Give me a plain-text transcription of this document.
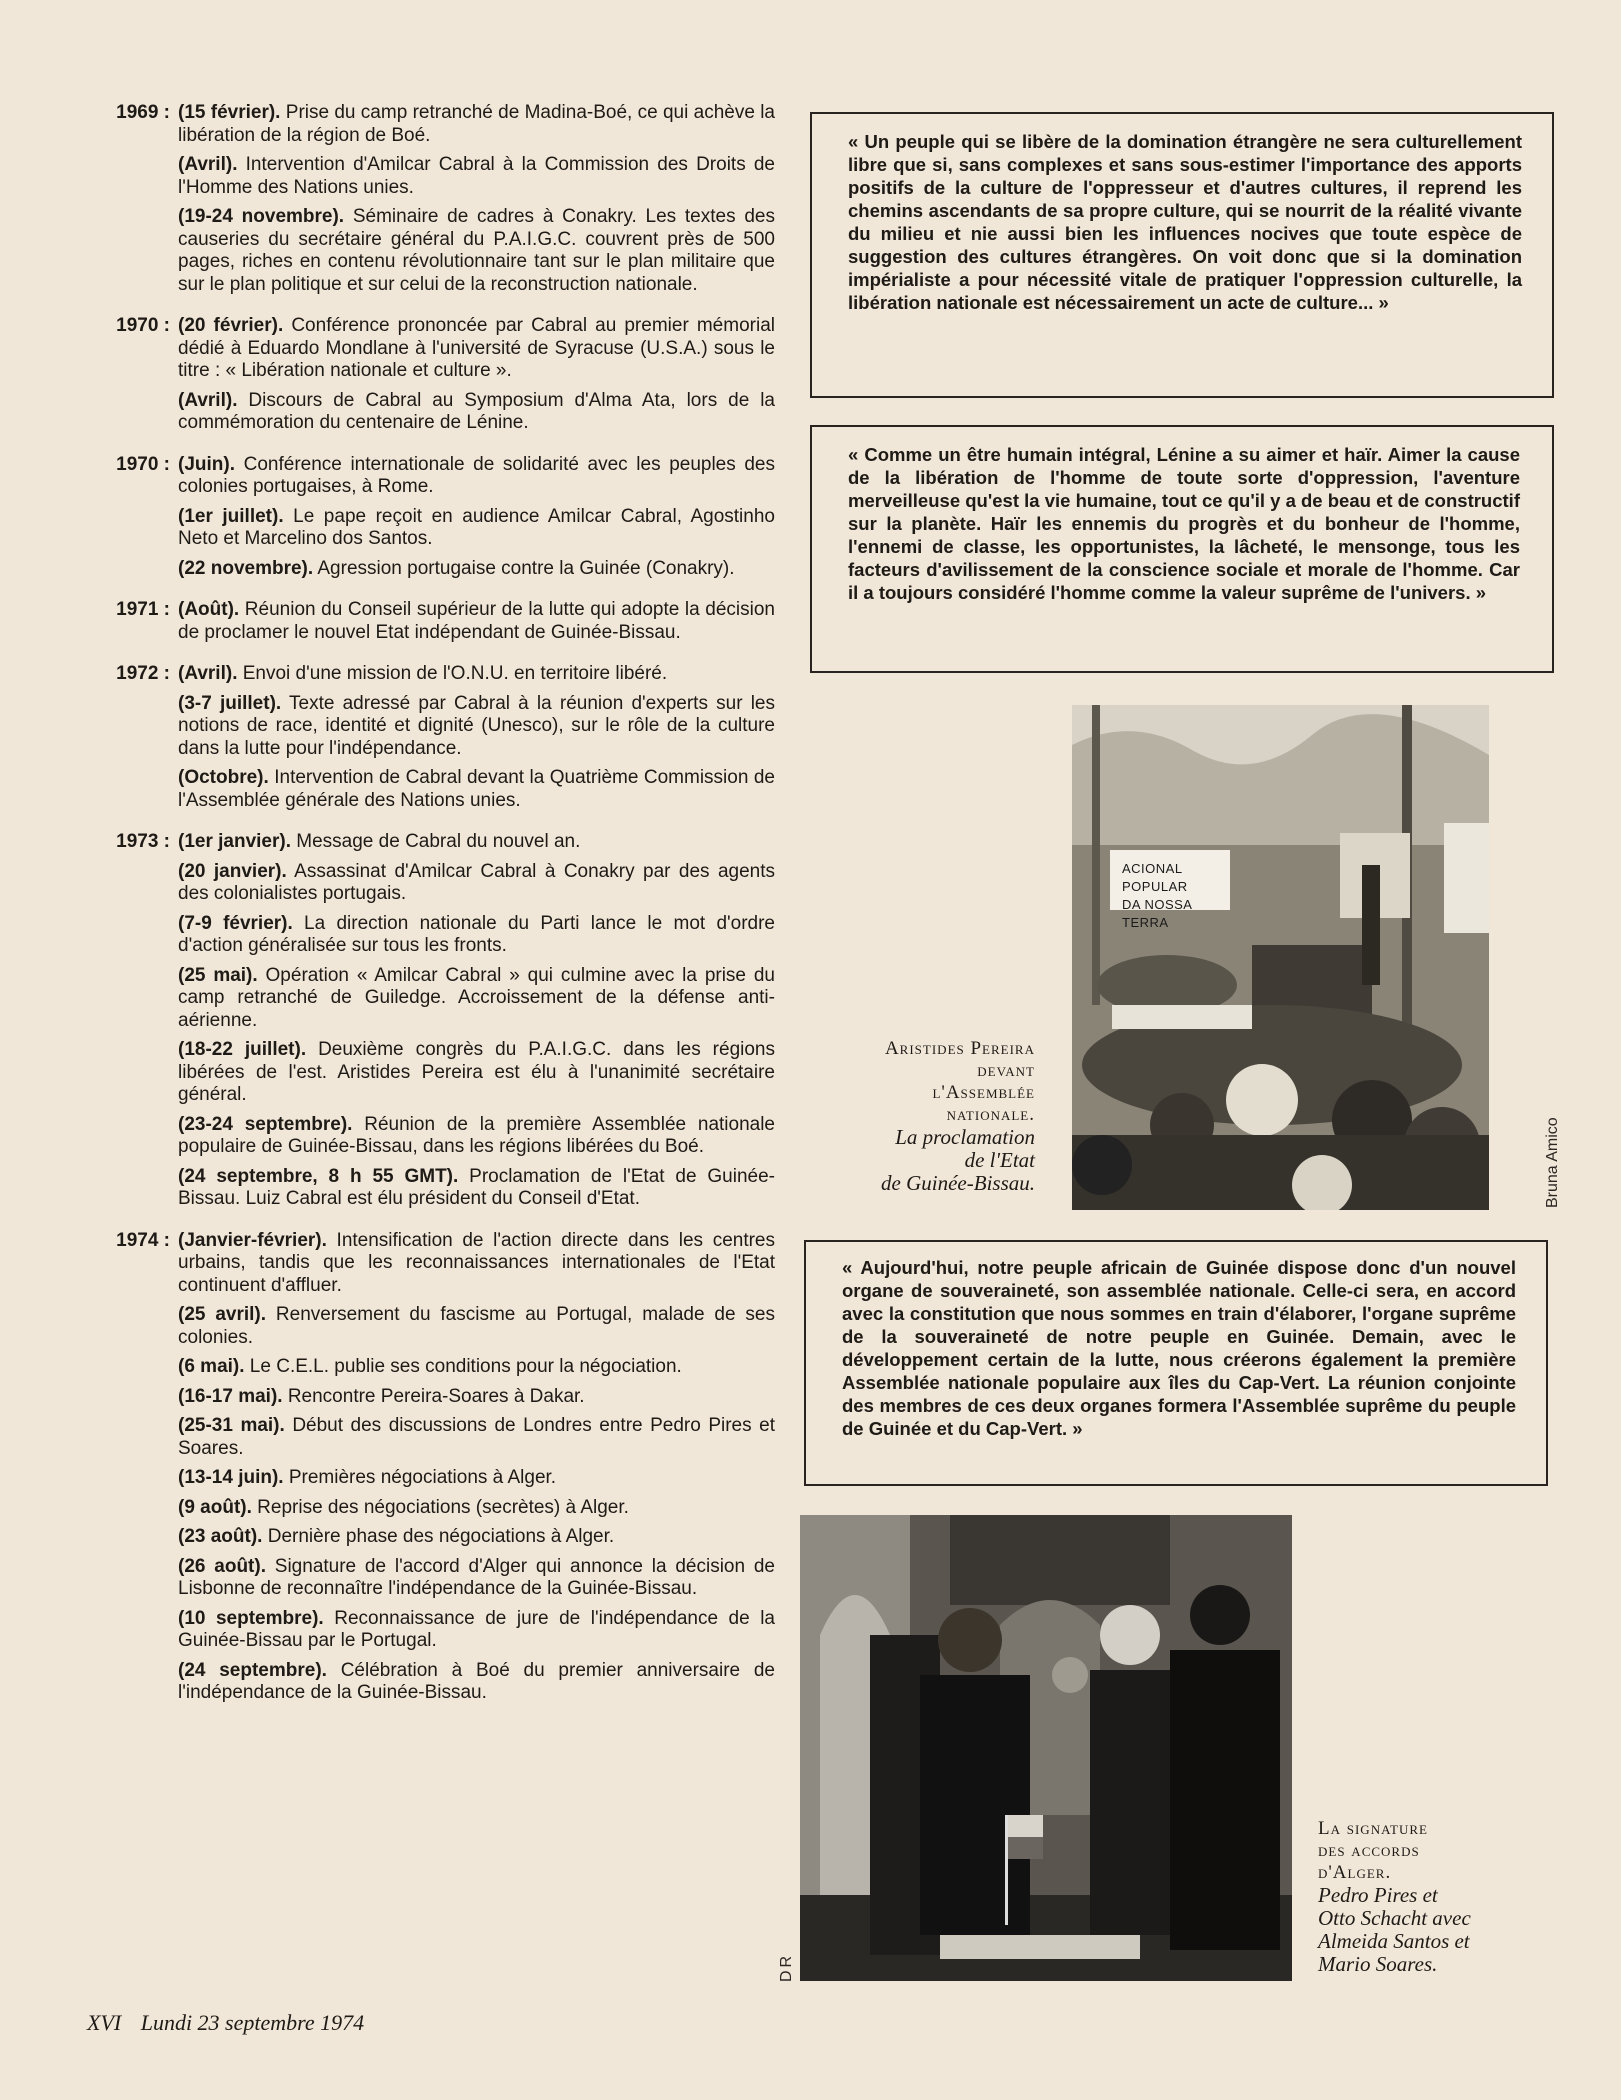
1969 : (15 février). Prise du camp retranché de Madina-Boé, ce qui achève la libération de la région de Boé.

(Avril). Intervention d'Amilcar Cabral à la Commission des Droits de l'Homme des Nations unies.

(19-24 novembre). Séminaire de cadres à Conakry. Les textes des causeries du secrétaire général du P.A.I.G.C. couvrent près de 500 pages, riches en contenu révolutionnaire tant sur le plan militaire que sur le plan politique et sur celui de la reconstruction nationale.

1970 : (20 février). Conférence prononcée par Cabral au premier mémorial dédié à Eduardo Mondlane à l'université de Syracuse (U.S.A.) sous le titre : « Libération nationale et culture ».

(Avril). Discours de Cabral au Symposium d'Alma Ata, lors de la commémoration du centenaire de Lénine.

1970 : (Juin). Conférence internationale de solidarité avec les peuples des colonies portugaises, à Rome.

(1er juillet). Le pape reçoit en audience Amilcar Cabral, Agostinho Neto et Marcelino dos Santos.

(22 novembre). Agression portugaise contre la Guinée (Conakry).

1971 : (Août). Réunion du Conseil supérieur de la lutte qui adopte la décision de proclamer le nouvel Etat indépendant de Guinée-Bissau.

1972 : (Avril). Envoi d'une mission de l'O.N.U. en territoire libéré.

(3-7 juillet). Texte adressé par Cabral à la réunion d'experts sur les notions de race, identité et dignité (Unesco), sur le rôle de la culture dans la lutte pour l'indépendance.

(Octobre). Intervention de Cabral devant la Quatrième Commission de l'Assemblée générale des Nations unies.

1973 : (1er janvier). Message de Cabral du nouvel an.

(20 janvier). Assassinat d'Amilcar Cabral à Conakry par des agents des colonialistes portugais.

(7-9 février). La direction nationale du Parti lance le mot d'ordre d'action généralisée sur tous les fronts.

(25 mai). Opération « Amilcar Cabral » qui culmine avec la prise du camp retranché de Guiledge. Accroissement de la défense anti-aérienne.

(18-22 juillet). Deuxième congrès du P.A.I.G.C. dans les régions libérées de l'est. Aristides Pereira est élu à l'unanimité secrétaire général.

(23-24 septembre). Réunion de la première Assemblée nationale populaire de Guinée-Bissau, dans les régions libérées du Boé.

(24 septembre, 8 h 55 GMT). Proclamation de l'Etat de Guinée-Bissau. Luiz Cabral est élu président du Conseil d'Etat.

1974 : (Janvier-février). Intensification de l'action directe dans les centres urbains, tandis que les reconnaissances internationales de l'Etat continuent d'affluer.

(25 avril). Renversement du fascisme au Portugal, malade de ses colonies.

(6 mai). Le C.E.L. publie ses conditions pour la négociation.

(16-17 mai). Rencontre Pereira-Soares à Dakar.

(25-31 mai). Début des discussions de Londres entre Pedro Pires et Soares.

(13-14 juin). Premières négociations à Alger.

(9 août). Reprise des négociations (secrètes) à Alger.

(23 août). Dernière phase des négociations à Alger.

(26 août). Signature de l'accord d'Alger qui annonce la décision de Lisbonne de reconnaître l'indépendance de la Guinée-Bissau.

(10 septembre). Reconnaissance de jure de l'indépendance de la Guinée-Bissau par le Portugal.

(24 septembre). Célébration à Boé du premier anniversaire de l'indépendance de la Guinée-Bissau.

« Un peuple qui se libère de la domination étrangère ne sera culturellement libre que si, sans complexes et sans sous-estimer l'importance des apports positifs de la culture de l'oppresseur et d'autres cultures, il reprend les chemins ascendants de sa propre culture, qui se nourrit de la réalité vivante du milieu et nie aussi bien les influences nocives que toute espèce de suggestion des cultures étrangères. On voit donc que si la domination impérialiste a pour nécessité vitale de pratiquer l'oppression culturelle, la libération nationale est nécessairement un acte de culture... »

« Comme un être humain intégral, Lénine a su aimer et haïr. Aimer la cause de la libération de l'homme de toute sorte d'oppression, l'aventure merveilleuse qu'est la vie humaine, tout ce qu'il y a de beau et de constructif sur la planète. Haïr les ennemis du progrès et du bonheur de l'homme, l'ennemi de classe, les opportunistes, la lâcheté, le mensonge, tous les facteurs d'avilissement de la conscience sociale et morale de l'homme. Car il a toujours considéré l'homme comme la valeur suprême de l'univers. »

« Aujourd'hui, notre peuple africain de Guinée dispose donc d'un nouvel organe de souveraineté, son assemblée nationale. Celle-ci sera, en accord avec la constitution que nous sommes en train d'élaborer, l'organe suprême de la souveraineté de notre peuple en Guinée. Demain, avec le développement certain de la lutte, nous créerons également la première Assemblée nationale populaire aux îles du Cap-Vert. La réunion conjointe des membres de ces deux organes formera l'Assemblée suprême du peuple de Guinée et du Cap-Vert. »

ACIONAL POPULAR
DA NOSSA TERRA
Bruna Amico
Aristides Pereira
devant
l'Assemblée
nationale.
La proclamation
de l'Etat
de Guinée-Bissau.
DR
La signature
des accords
d'Alger.
Pedro Pires et
Otto Schacht avec
Almeida Santos et
Mario Soares.
XVI Lundi 23 septembre 1974
